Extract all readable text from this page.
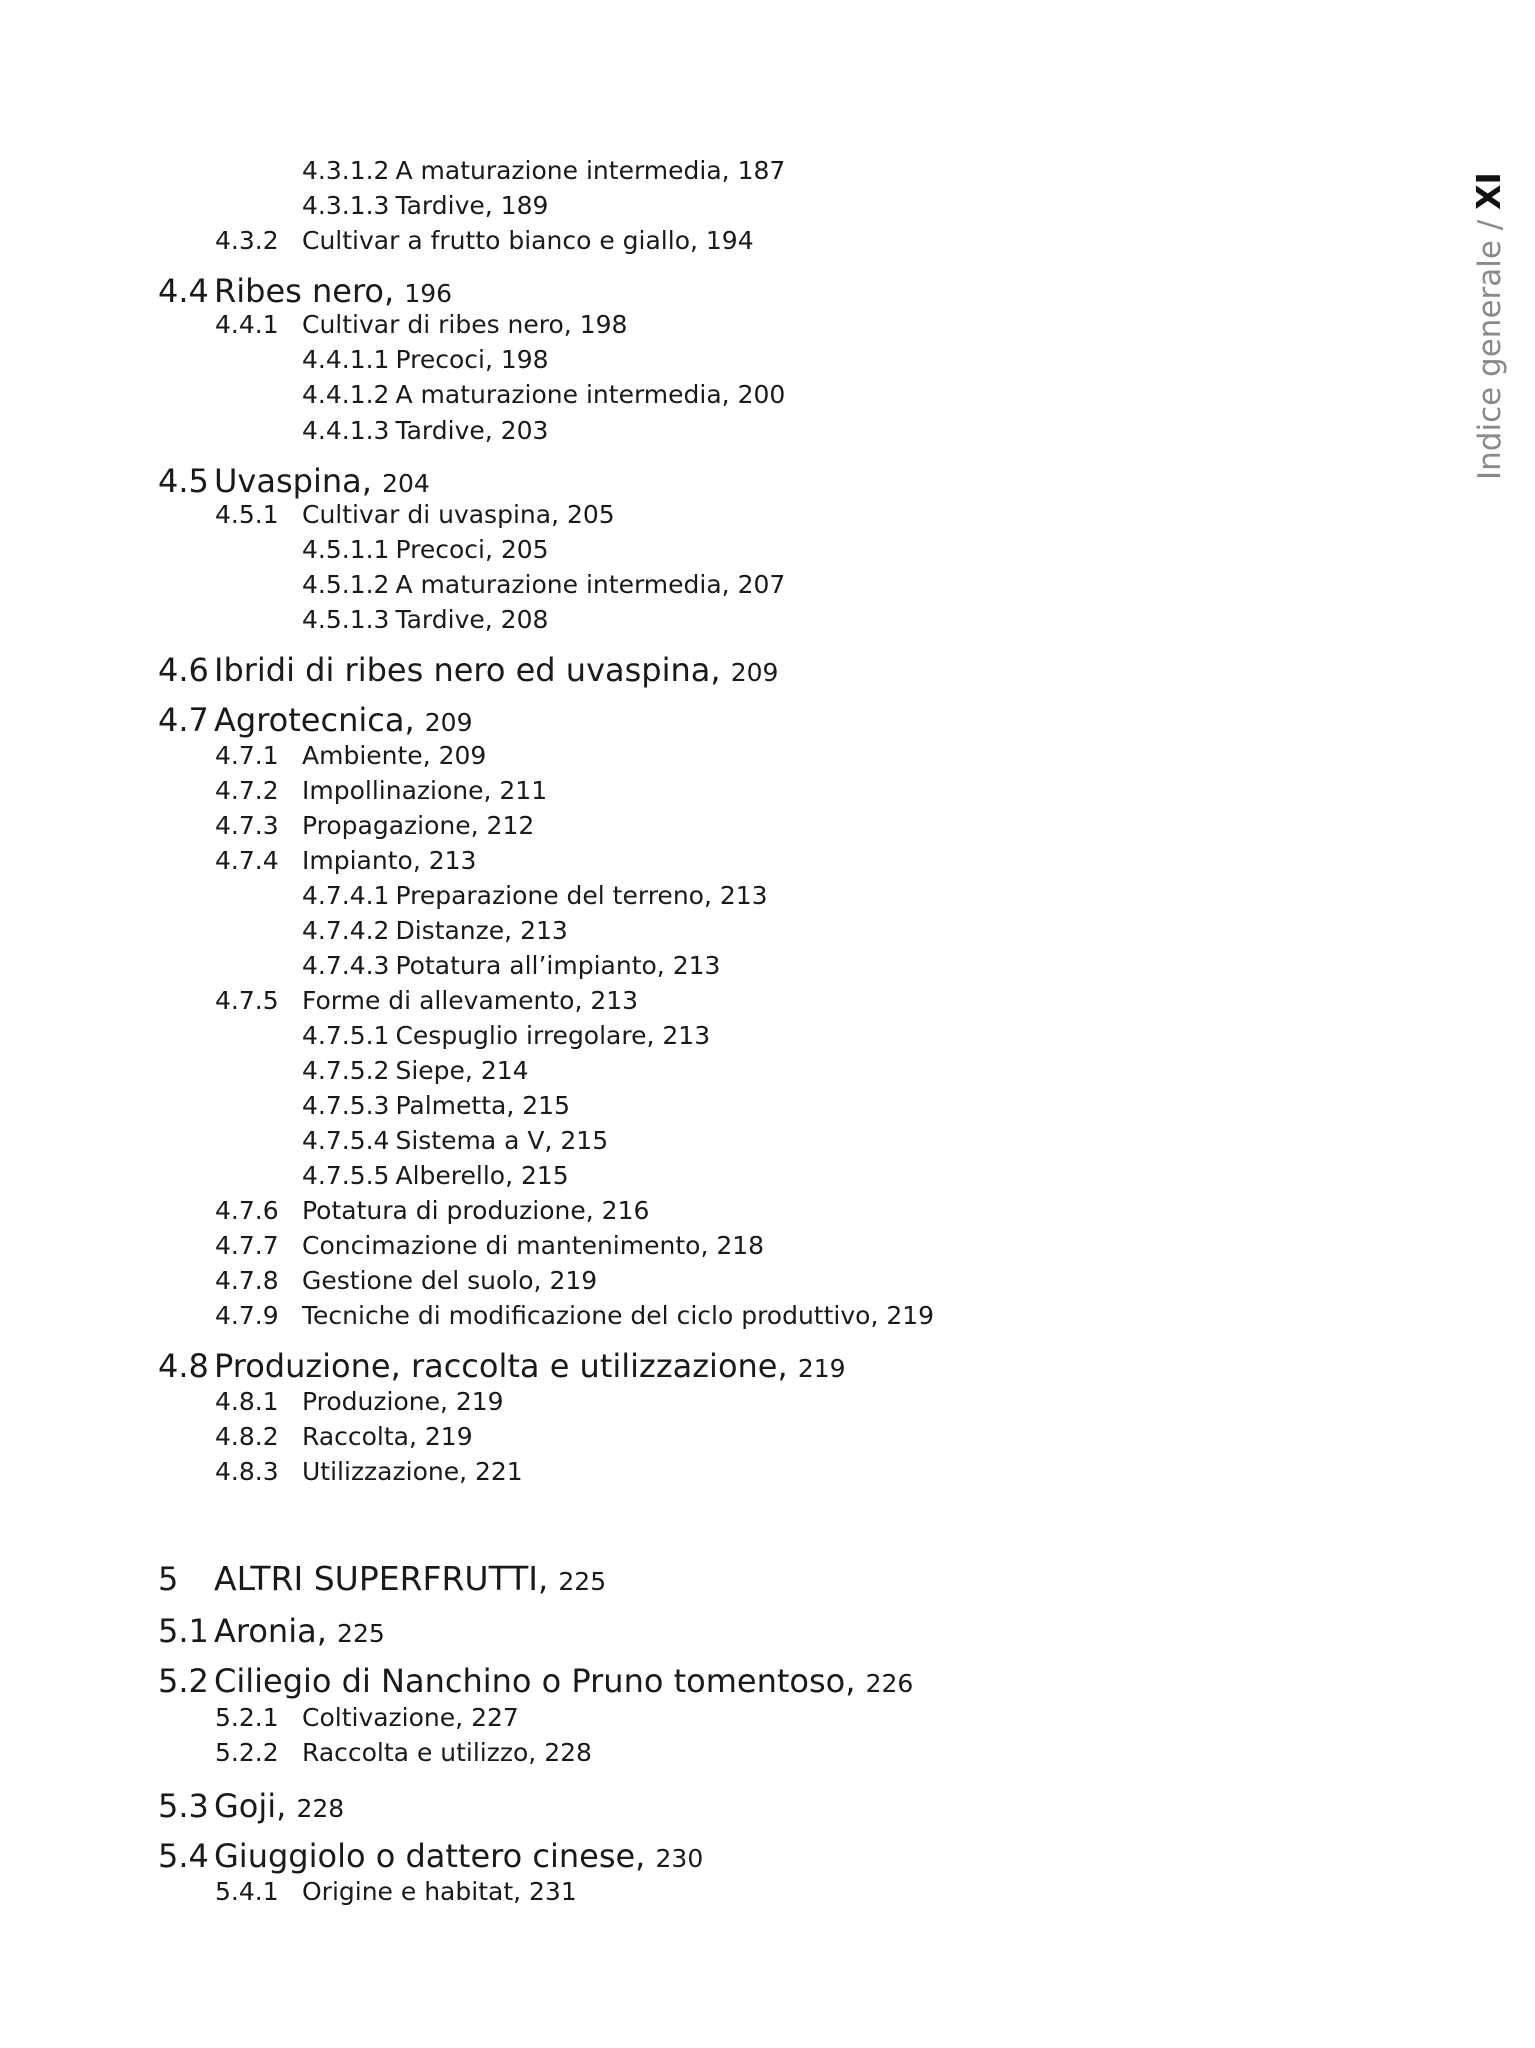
Indice generale / XI
4.3.1.2 A maturazione intermedia, 187
4.3.1.3 Tardive, 189
4.3.2 Cultivar a frutto bianco e giallo, 194
4.4 Ribes nero, 196
4.4.1 Cultivar di ribes nero, 198
4.4.1.1 Precoci, 198
4.4.1.2 A maturazione intermedia, 200
4.4.1.3 Tardive, 203
4.5 Uvaspina, 204
4.5.1 Cultivar di uvaspina, 205
4.5.1.1 Precoci, 205
4.5.1.2 A maturazione intermedia, 207
4.5.1.3 Tardive, 208
4.6 Ibridi di ribes nero ed uvaspina, 209
4.7 Agrotecnica, 209
4.7.1 Ambiente, 209
4.7.2 Impollinazione, 211
4.7.3 Propagazione, 212
4.7.4 Impianto, 213
4.7.4.1 Preparazione del terreno, 213
4.7.4.2 Distanze, 213
4.7.4.3 Potatura all’impianto, 213
4.7.5 Forme di allevamento, 213
4.7.5.1 Cespuglio irregolare, 213
4.7.5.2 Siepe, 214
4.7.5.3 Palmetta, 215
4.7.5.4 Sistema a V, 215
4.7.5.5 Alberello, 215
4.7.6 Potatura di produzione, 216
4.7.7 Concimazione di mantenimento, 218
4.7.8 Gestione del suolo, 219
4.7.9 Tecniche di modificazione del ciclo produttivo, 219
4.8 Produzione, raccolta e utilizzazione, 219
4.8.1 Produzione, 219
4.8.2 Raccolta, 219
4.8.3 Utilizzazione, 221
5 ALTRI SUPERFRUTTI, 225
5.1 Aronia, 225
5.2 Ciliegio di Nanchino o Pruno tomentoso, 226
5.2.1 Coltivazione, 227
5.2.2 Raccolta e utilizzo, 228
5.3 Goji, 228
5.4 Giuggiolo o dattero cinese, 230
5.4.1 Origine e habitat, 231
